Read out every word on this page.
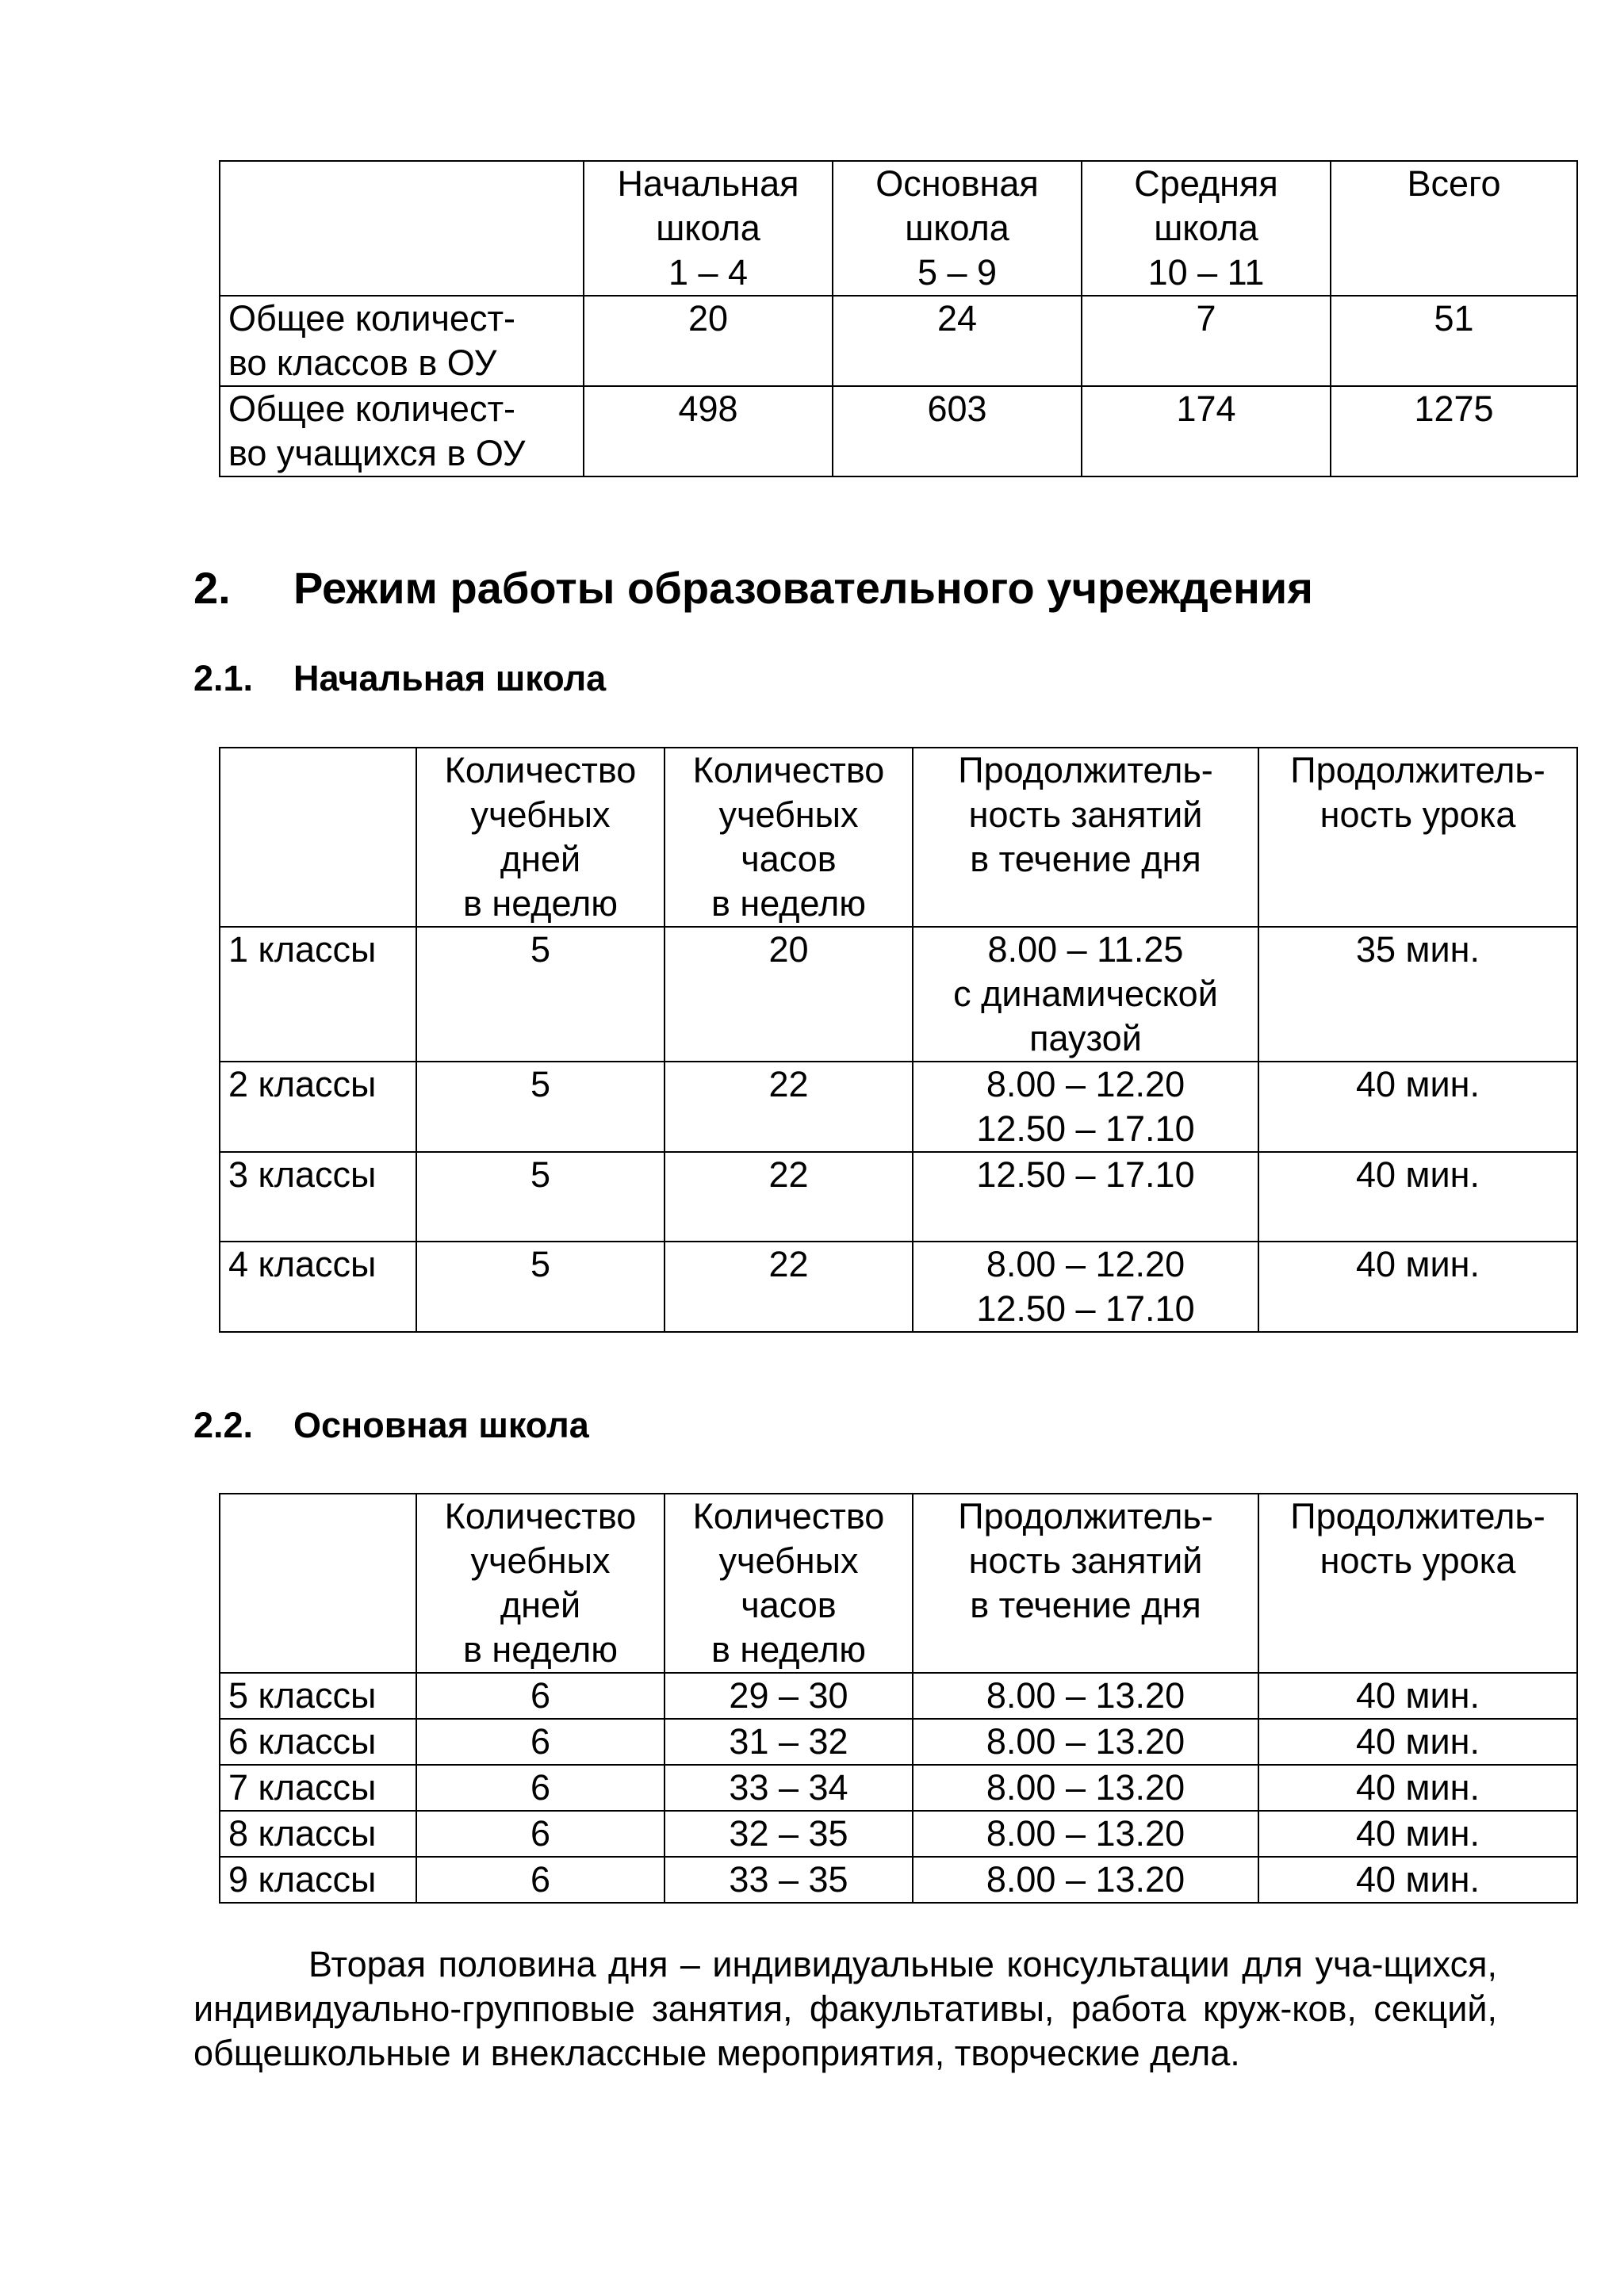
	Начальная
школа
1 – 4	Основная
школа
5 – 9	Средняя
школа
10 – 11	Всего
Общее количест-
во классов в ОУ	20	24	7	51
Общее количест-
во учащихся в ОУ	498	603	174	1275
2. Режим работы образовательного учреждения
2.1. Начальная школа
	Количество
учебных
дней
в неделю	Количество
учебных
часов
в неделю	Продолжитель-
ность занятий
в течение дня	Продолжитель-
ность урока
1 классы	5	20	8.00 – 11.25
с динамической
паузой	35 мин.
2 классы	5	22	8.00 – 12.20
12.50 – 17.10	40 мин.
3 классы	5	22	12.50 – 17.10	40 мин.
4 классы	5	22	8.00 – 12.20
12.50 – 17.10	40 мин.
2.2. Основная школа
	Количество
учебных
дней
в неделю	Количество
учебных
часов
в неделю	Продолжитель-
ность занятий
в течение дня	Продолжитель-
ность урока
5 классы	6	29 – 30	8.00 – 13.20	40 мин.
6 классы	6	31 – 32	8.00 – 13.20	40 мин.
7 классы	6	33 – 34	8.00 – 13.20	40 мин.
8 классы	6	32 – 35	8.00 – 13.20	40 мин.
9 классы	6	33 – 35	8.00 – 13.20	40 мин.

Вторая половина дня – индивидуальные консультации для уча-щихся, индивидуально-групповые занятия, факультативы, работа круж-ков, секций, общешкольные и внеклассные мероприятия, творческие дела.
